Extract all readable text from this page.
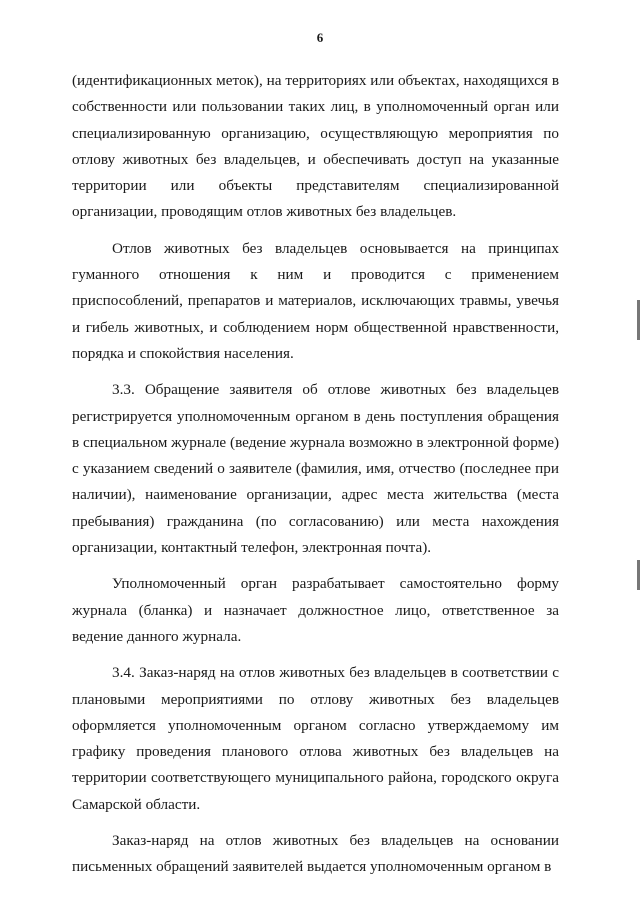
6

(идентификационных меток), на территориях или объектах, находящихся в собственности или пользовании таких лиц, в уполномоченный орган или специализированную организацию, осуществляющую мероприятия по отлову животных без владельцев, и обеспечивать доступ на указанные территории или объекты представителям специализированной организации, проводящим отлов животных без владельцев.

Отлов животных без владельцев основывается на принципах гуманного отношения к ним и проводится с применением приспособлений, препаратов и материалов, исключающих травмы, увечья и гибель животных, и соблюдением норм общественной нравственности, порядка и спокойствия населения.

3.3. Обращение заявителя об отлове животных без владельцев регистрируется уполномоченным органом в день поступления обращения в специальном журнале (ведение журнала возможно в электронной форме) с указанием сведений о заявителе (фамилия, имя, отчество (последнее при наличии), наименование организации, адрес места жительства (места пребывания) гражданина (по согласованию) или места нахождения организации, контактный телефон, электронная почта).

Уполномоченный орган разрабатывает самостоятельно форму журнала (бланка) и назначает должностное лицо, ответственное за ведение данного журнала.

3.4. Заказ-наряд на отлов животных без владельцев в соответствии с плановыми мероприятиями по отлову животных без владельцев оформляется уполномоченным органом согласно утверждаемому им графику проведения планового отлова животных без владельцев на территории соответствующего муниципального района, городского округа Самарской области.

Заказ-наряд на отлов животных без владельцев на основании письменных обращений заявителей выдается уполномоченным органом в
